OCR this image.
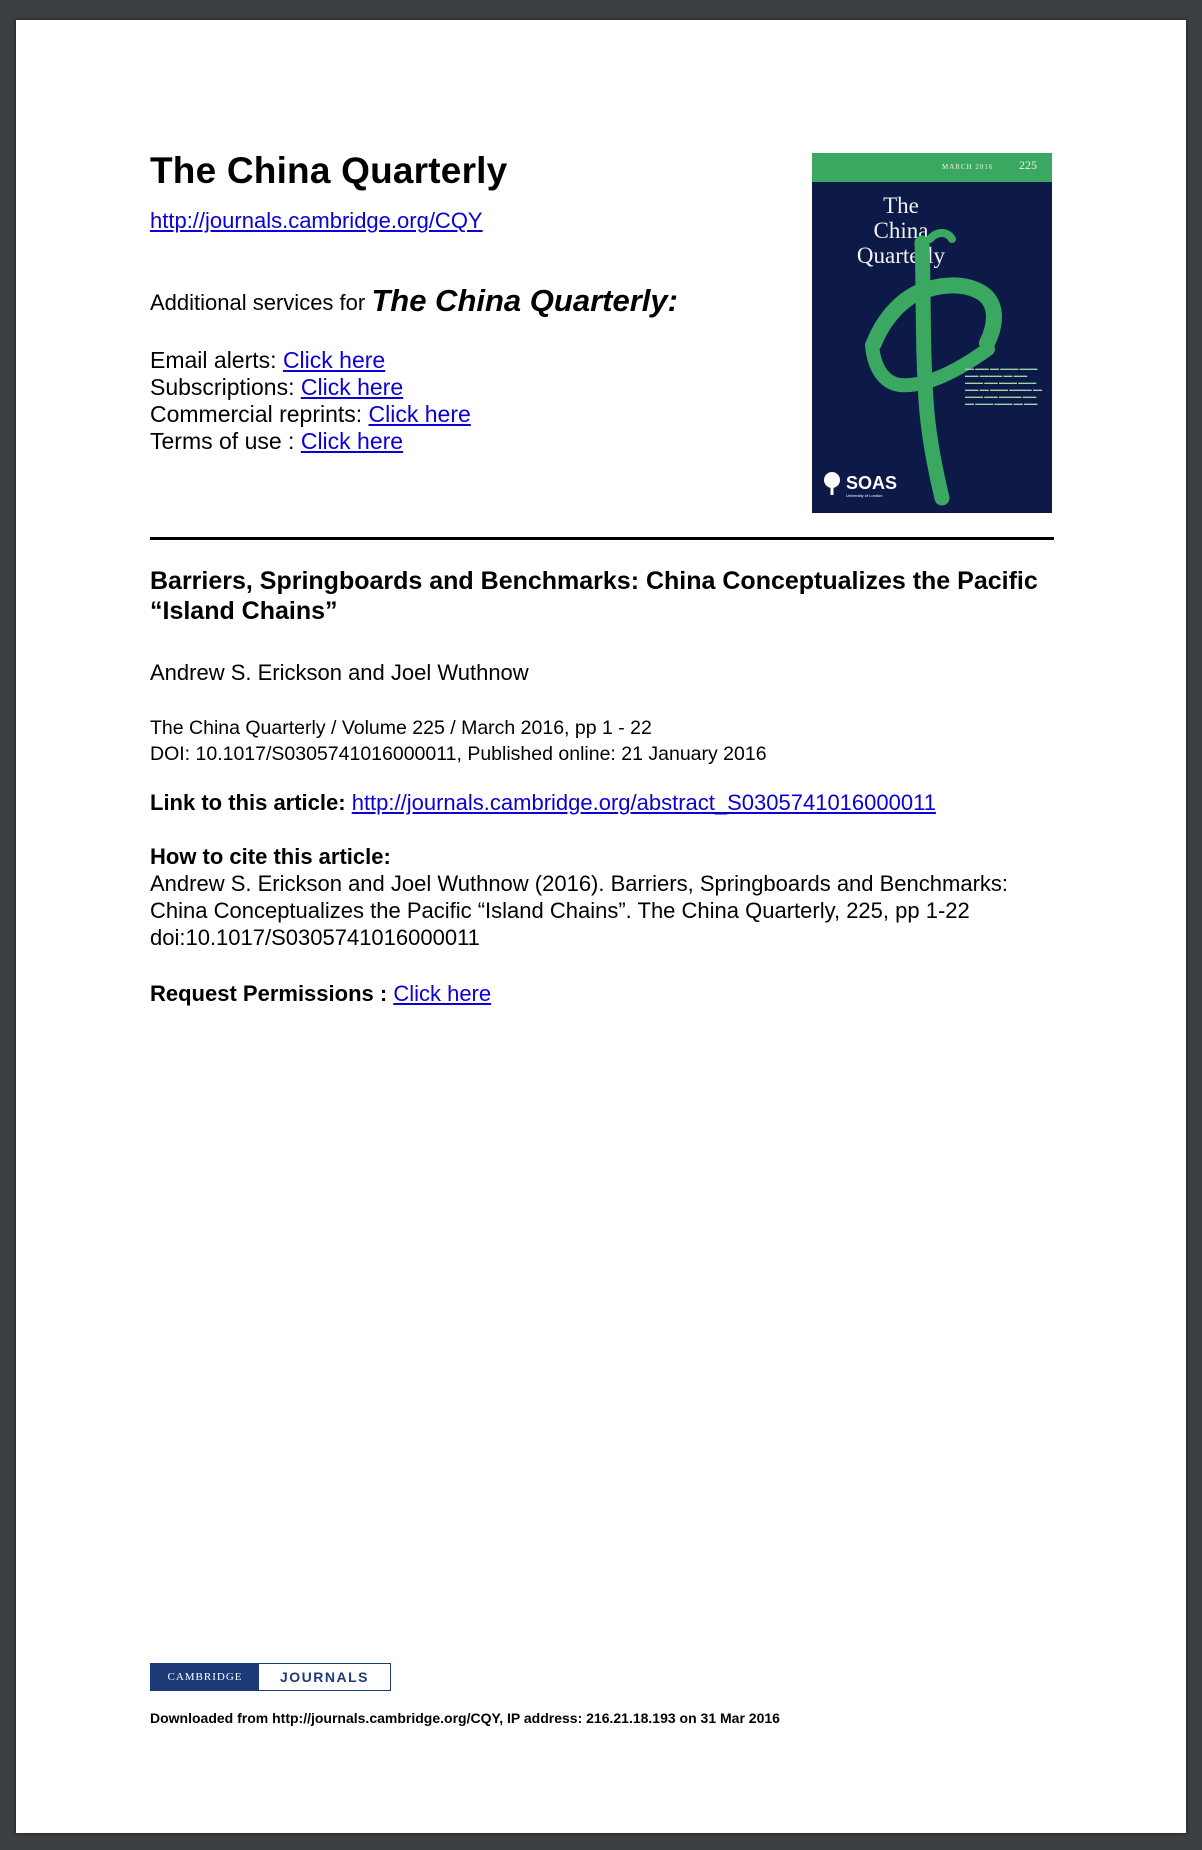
The China Quarterly
http://journals.cambridge.org/CQY
Additional services for The China Quarterly:
Email alerts: Click here
Subscriptions: Click here
Commercial reprints: Click here
Terms of use : Click here
MARCH 2016 225
The
China
Quarterly
▬▬ ▬▬▬ ▬▬ ▬▬▬▬ ▬▬▬▬ ▬▬▬ ▬▬▬▬▬ ▬▬ ▬▬▬ ▬▬▬▬ ▬▬▬ ▬▬▬▬ ▬▬▬▬ ▬▬▬ ▬▬ ▬▬▬▬ ▬▬▬▬▬ ▬▬ ▬▬▬▬ ▬▬▬ ▬▬▬▬▬ ▬▬▬ ▬▬ ▬▬▬▬ ▬▬▬▬ ▬▬ ▬▬▬
SOAS
University of London
Barriers, Springboards and Benchmarks: China Conceptualizes the Pacific “Island Chains”
Andrew S. Erickson and Joel Wuthnow
The China Quarterly / Volume 225 / March 2016, pp 1 - 22
DOI: 10.1017/S0305741016000011, Published online: 21 January 2016
Link to this article: http://journals.cambridge.org/abstract_S0305741016000011
How to cite this article:
Andrew S. Erickson and Joel Wuthnow (2016). Barriers, Springboards and Benchmarks: China Conceptualizes the Pacific “Island Chains”. The China Quarterly, 225, pp 1-22 doi:10.1017/S0305741016000011
Request Permissions : Click here
CAMBRIDGE	JOURNALS
Downloaded from http://journals.cambridge.org/CQY, IP address: 216.21.18.193 on 31 Mar 2016
